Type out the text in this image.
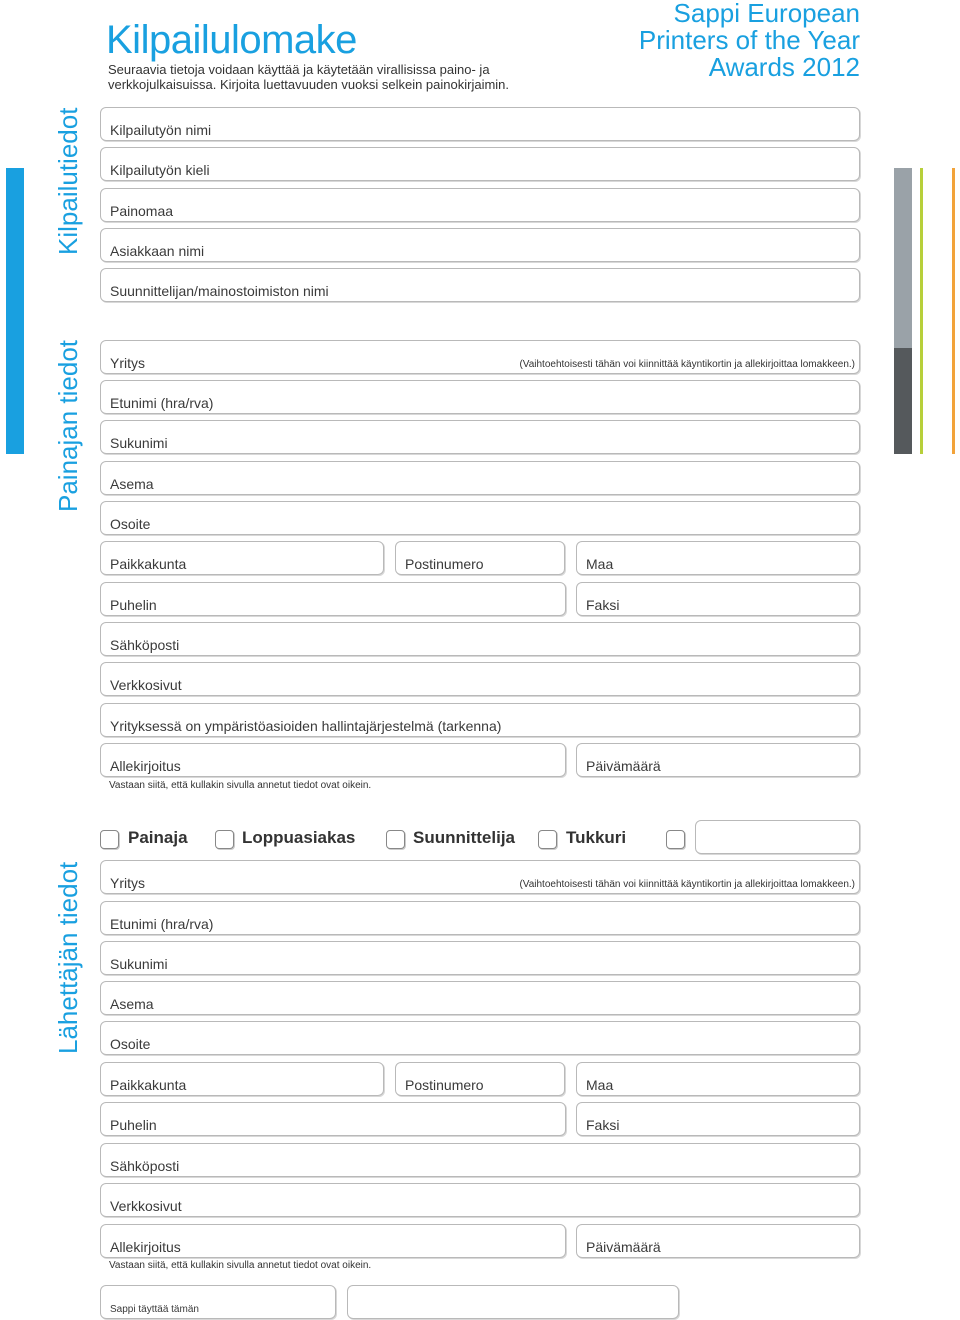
Kilpailulomake
Seuraavia tietoja voidaan käyttää ja käytetään virallisissa paino- ja
verkkojulkaisuissa. Kirjoita luettavuuden vuoksi selkein painokirjaimin.
Sappi European
Printers of the Year
Awards 2012
Kilpailutiedot
Painajan tiedot
Lähettäjän tiedot
Kilpailutyön nimi
Kilpailutyön kieli
Painomaa
Asiakkaan nimi
Suunnittelijan/mainostoimiston nimi
Yritys	(Vaihtoehtoisesti tähän voi kiinnittää käyntikortin ja allekirjoittaa lomakkeen.)
Etunimi (hra/rva)
Sukunimi
Asema
Osoite
Paikkakunta	Postinumero	Maa
Puhelin	Faksi
Sähköposti
Verkkosivut
Yrityksessä on ympäristöasioiden hallintajärjestelmä (tarkenna)
Allekirjoitus	Päivämäärä
Vastaan siitä, että kullakin sivulla annetut tiedot ovat oikein.
Painaja	Loppuasiakas	Suunnittelija	Tukkuri
Yritys	(Vaihtoehtoisesti tähän voi kiinnittää käyntikortin ja allekirjoittaa lomakkeen.)
Etunimi (hra/rva)
Sukunimi
Asema
Osoite
Paikkakunta	Postinumero	Maa
Puhelin	Faksi
Sähköposti
Verkkosivut
Allekirjoitus	Päivämäärä
Vastaan siitä, että kullakin sivulla annetut tiedot ovat oikein.
Sappi täyttää tämän
